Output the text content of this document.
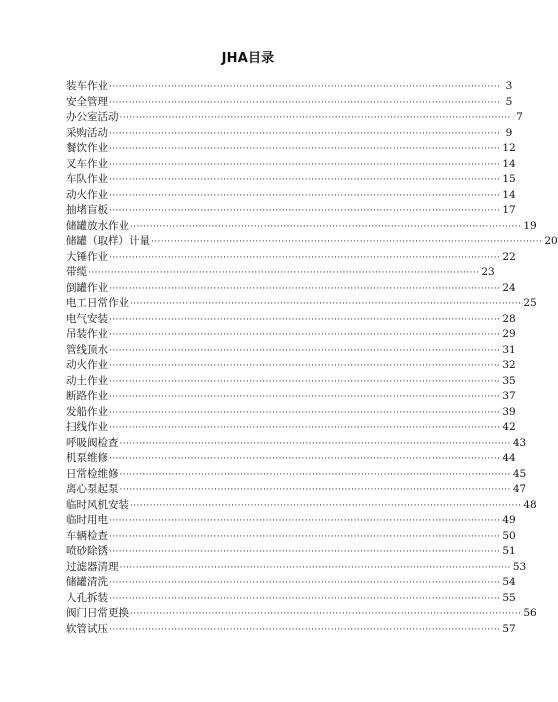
JHA目录
装车作业 ························································································································ 3
安全管理 ························································································································ 5
办公室活动 ························································································································ 7
采购活动 ························································································································ 9
餐饮作业 ························································································································ 12
叉车作业 ························································································································ 14
车队作业 ························································································································ 15
动火作业 ························································································································ 14
抽堵盲板 ························································································································ 17
储罐放水作业 ························································································································ 19
储罐（取样）计量 ························································································································ 20
大锤作业 ························································································································ 22
带缆 ························································································································ 23
倒罐作业 ························································································································ 24
电工日常作业 ························································································································ 25
电气安装 ························································································································ 28
吊装作业 ························································································································ 29
管线顶水 ························································································································ 31
动火作业 ························································································································ 32
动土作业 ························································································································ 35
断路作业 ························································································································ 37
发船作业 ························································································································ 39
扫线作业 ························································································································ 42
呼吸阀检查 ························································································································ 43
机泵维修 ························································································································ 44
日常检维修 ························································································································ 45
离心泵起泵 ························································································································ 47
临时风机安装 ························································································································ 48
临时用电 ························································································································ 49
车辆检查 ························································································································ 50
喷砂除锈 ························································································································ 51
过滤器清理 ························································································································ 53
储罐清洗 ························································································································ 54
人孔拆装 ························································································································ 55
阀门日常更换 ························································································································ 56
软管试压 ························································································································ 57
